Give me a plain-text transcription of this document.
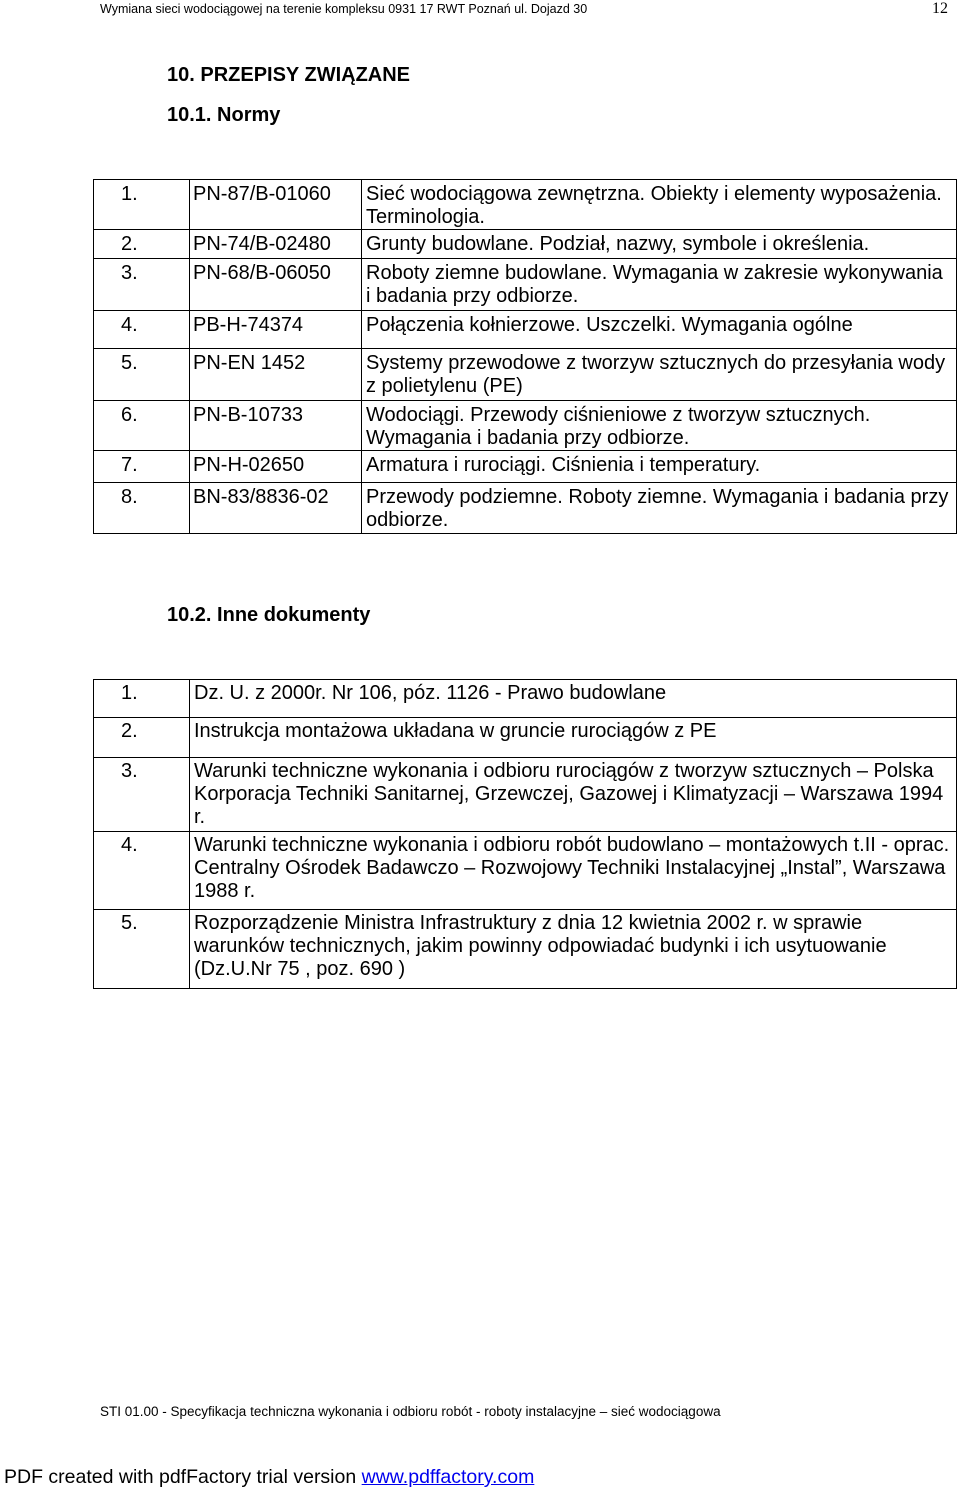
Wymiana sieci wodociągowej na terenie kompleksu 0931 17 RWT Poznań ul. Dojazd 30	12
10. PRZEPISY ZWIĄZANE
10.1. Normy
1.	PN-87/B-01060	Sieć wodociągowa zewnętrzna. Obiekty i elementy wyposażenia. Terminologia.
2.	PN-74/B-02480	Grunty budowlane. Podział, nazwy, symbole i określenia.
3.	PN-68/B-06050	Roboty ziemne budowlane. Wymagania w zakresie wykonywania i badania przy odbiorze.
4.	PB-H-74374	Połączenia kołnierzowe. Uszczelki. Wymagania ogólne
5.	PN-EN 1452	Systemy przewodowe z tworzyw sztucznych do przesyłania wody z polietylenu (PE)
6.	PN-B-10733	Wodociągi. Przewody ciśnieniowe z tworzyw sztucznych. Wymagania i badania przy odbiorze.
7.	PN-H-02650	Armatura i rurociągi. Ciśnienia i temperatury.
8.	BN-83/8836-02	Przewody podziemne. Roboty ziemne. Wymagania i badania przy odbiorze.
10.2. Inne dokumenty
1.	Dz. U. z 2000r. Nr 106, póz. 1126 - Prawo budowlane
2.	Instrukcja montażowa układana w gruncie rurociągów z PE
3.	Warunki techniczne wykonania i odbioru rurociągów z tworzyw sztucznych – Polska Korporacja Techniki Sanitarnej, Grzewczej, Gazowej i Klimatyzacji – Warszawa 1994 r.
4.	Warunki techniczne wykonania i odbioru robót budowlano – montażowych t.II - oprac. Centralny Ośrodek Badawczo – Rozwojowy Techniki Instalacyjnej „Instal”, Warszawa 1988 r.
5.	Rozporządzenie Ministra Infrastruktury z dnia 12 kwietnia 2002 r. w sprawie warunków technicznych, jakim powinny odpowiadać budynki i ich usytuowanie (Dz.U.Nr 75 , poz. 690 )
STI 01.00 - Specyfikacja techniczna wykonania i odbioru robót - roboty instalacyjne – sieć wodociągowa
PDF created with pdfFactory trial version www.pdffactory.com
